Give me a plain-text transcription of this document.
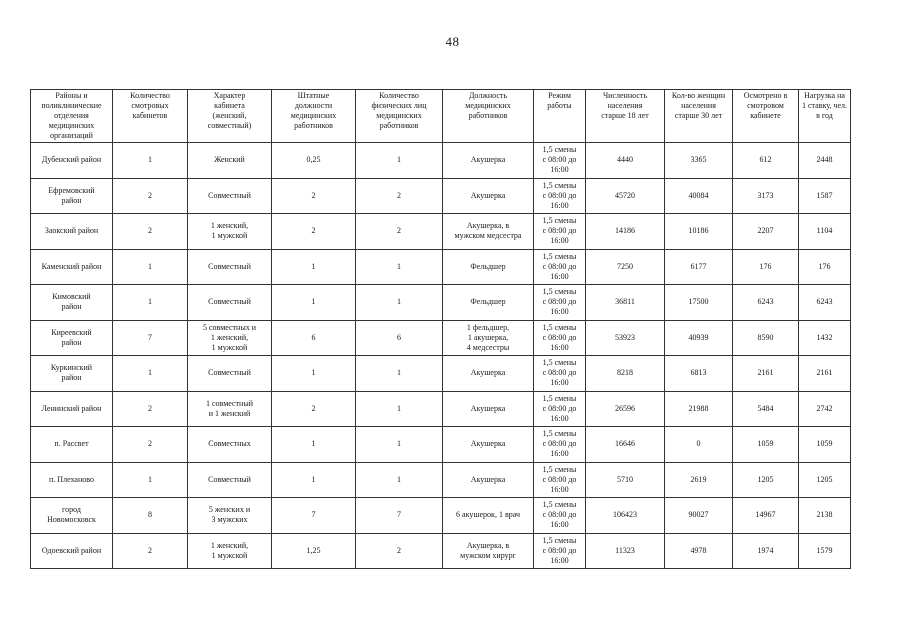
48
Районы и
поликлинические
отделения
медицинских
организаций	Количество
смотровых
кабинетов	Характер
кабинета
(женский,
совместный)	Штатные
должности
медицинских
работников	Количество
физических лиц
медицинских
работников	Должность
медицинских
работников	Режим
работы	Численность
населения
старше 18 лет	Кол-во женщин
населения
старше 30 лет	Осмотрено в
смотровом
кабинете	Нагрузка на
1 ставку, чел.
в год

Дубенский район	1	Женский	0,25	1	Акушерка	1,5 смены
с 08:00 до
16:00	4440	3365	612	2448

Ефремовский
район	2	Совместный	2	2	Акушерка	1,5 смены
с 08:00 до
16:00	45720	40084	3173	1587

Заокский район	2	1 женский,
1 мужской	2	2	Акушерка, в
мужском медсестра	1,5 смены
с 08:00 до
16:00	14186	10186	2207	1104

Каменский район	1	Совместный	1	1	Фельдшер	1,5 смены
с 08:00 до
16:00	7250	6177	176	176

Кимовский
район	1	Совместный	1	1	Фельдшер	1,5 смены
с 08:00 до
16:00	36811	17500	6243	6243

Киреевский
район	7	5 совместных и
1 женский,
1 мужской	6	6	1 фельдшер,
1 акушерка,
4 медсестры	1,5 смены
с 08:00 до
16:00	53923	40939	8590	1432

Куркинский
район	1	Совместный	1	1	Акушерка	1,5 смены
с 08:00 до
16:00	8218	6813	2161	2161

Ленинский район	2	1 совместный
и 1 женский	2	1	Акушерка	1,5 смены
с 08:00 до
16:00	26596	21988	5484	2742

п. Рассвет	2	Совместных	1	1	Акушерка	1,5 смены
с 08:00 до
16:00	16646	0	1059	1059

п. Плеханово	1	Совместный	1	1	Акушерка	1,5 смены
с 08:00 до
16:00	5710	2619	1205	1205

город
Новомосковск	8	5 женских и
3 мужских	7	7	6 акушерок, 1 врач	1,5 смены
с 08:00 до
16:00	106423	90027	14967	2138

Одоевский район	2	1 женский,
1 мужской	1,25	2	Акушерка, в
мужском хирург	1,5 смены
с 08:00 до
16:00	11323	4978	1974	1579
